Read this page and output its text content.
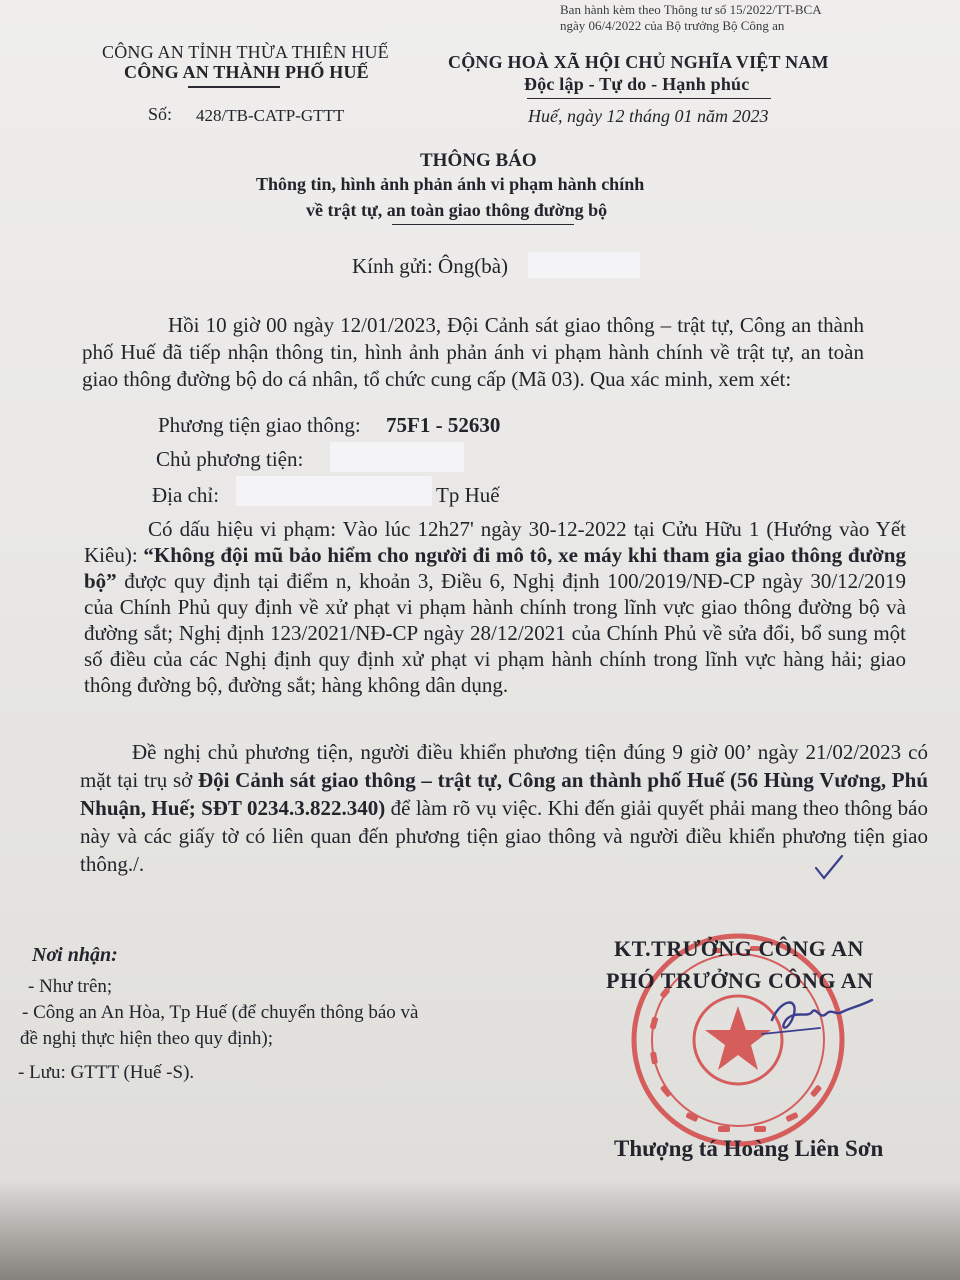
Ban hành kèm theo Thông tư số 15/2022/TT-BCA
ngày 06/4/2022 của Bộ trưởng Bộ Công an
CÔNG AN TỈNH THỪA THIÊN HUẾ
CÔNG AN THÀNH PHỐ HUẾ
Số: 428/TB-CATP-GTTT
CỘNG HOÀ XÃ HỘI CHỦ NGHĨA VIỆT NAM
Độc lập - Tự do - Hạnh phúc
Huế, ngày 12 tháng 01 năm 2023
THÔNG BÁO
Thông tin, hình ảnh phản ánh vi phạm hành chính
về trật tự, an toàn giao thông đường bộ
Kính gửi: Ông(bà)

Hồi 10 giờ 00 ngày 12/01/2023, Đội Cảnh sát giao thông – trật tự, Công an thành phố Huế đã tiếp nhận thông tin, hình ảnh phản ánh vi phạm hành chính về trật tự, an toàn giao thông đường bộ do cá nhân, tổ chức cung cấp (Mã 03). Qua xác minh, xem xét:

Phương tiện giao thông: 75F1 - 52630
Chủ phương tiện:
Địa chỉ:	Tp Huế

Có dấu hiệu vi phạm: Vào lúc 12h27' ngày 30-12-2022 tại Cửu Hữu 1 (Hướng vào Yết Kiêu): “Không đội mũ bảo hiểm cho người đi mô tô, xe máy khi tham gia giao thông đường bộ” được quy định tại điểm n, khoản 3, Điều 6, Nghị định 100/2019/NĐ-CP ngày 30/12/2019 của Chính Phủ quy định về xử phạt vi phạm hành chính trong lĩnh vực giao thông đường bộ và đường sắt; Nghị định 123/2021/NĐ-CP ngày 28/12/2021 của Chính Phủ về sửa đổi, bổ sung một số điều của các Nghị định quy định xử phạt vi phạm hành chính trong lĩnh vực hàng hải; giao thông đường bộ, đường sắt; hàng không dân dụng.

Đề nghị chủ phương tiện, người điều khiển phương tiện đúng 9 giờ 00’ ngày 21/02/2023 có mặt tại trụ sở Đội Cảnh sát giao thông – trật tự, Công an thành phố Huế (56 Hùng Vương, Phú Nhuận, Huế; SĐT 0234.3.822.340) để làm rõ vụ việc. Khi đến giải quyết phải mang theo thông báo này và các giấy tờ có liên quan đến phương tiện giao thông và người điều khiển phương tiện giao thông./.

Nơi nhận:
- Như trên;
- Công an An Hòa, Tp Huế (để chuyển thông báo và
đề nghị thực hiện theo quy định);
- Lưu: GTTT (Huế -S).
KT.TRƯỞNG CÔNG AN
PHÓ TRƯỞNG CÔNG AN
Thượng tá Hoàng Liên Sơn
